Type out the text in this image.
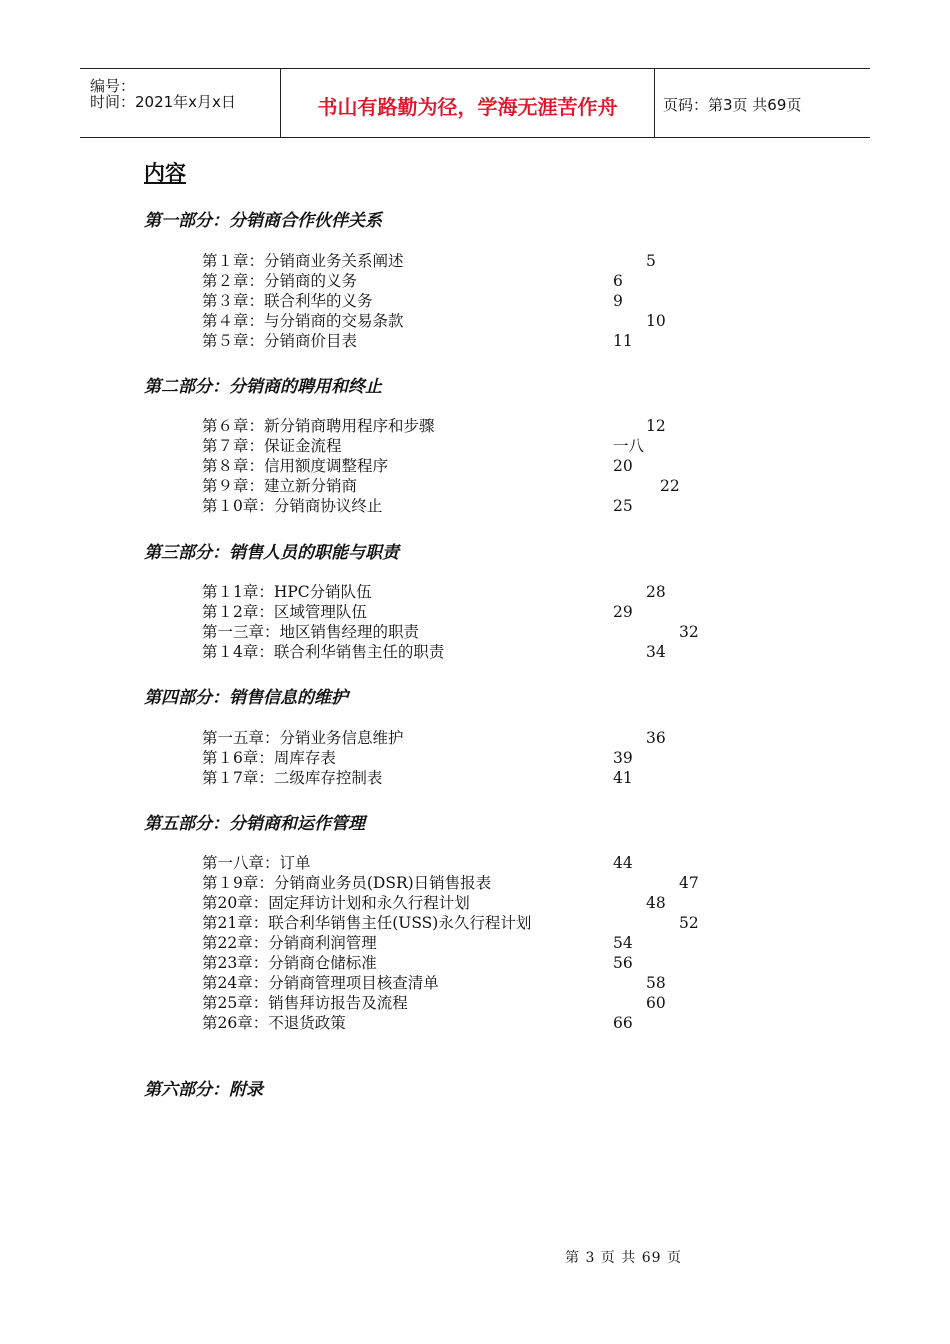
编号：
时间：2021年x月x日	书山有路勤为径，学海无涯苦作舟	页码：第3页 共69页
内容
第一部分：分销商合作伙伴关系
第１章：分销商业务关系阐述	5
第２章：分销商的义务	6
第３章：联合利华的义务	9
第４章：与分销商的交易条款	10
第５章：分销商价目表	11
第二部分：分销商的聘用和终止
第６章：新分销商聘用程序和步骤	12
第７章：保证金流程	一八
第８章：信用额度调整程序	20
第９章：建立新分销商	22
第１0章：分销商协议终止	25
第三部分：销售人员的职能与职责
第１1章：HPC分销队伍	28
第１2章：区域管理队伍	29
第一三章：地区销售经理的职责	32
第１4章：联合利华销售主任的职责	34
第四部分：销售信息的维护
第一五章：分销业务信息维护	36
第１6章：周库存表	39
第１7章：二级库存控制表	41
第五部分：分销商和运作管理
第一八章：订单	44
第１9章：分销商业务员(DSR)日销售报表	47
第20章：固定拜访计划和永久行程计划	48
第21章：联合利华销售主任(USS)永久行程计划	52
第22章：分销商利润管理	54
第23章：分销商仓储标准	56
第24章：分销商管理项目核查清单	58
第25章：销售拜访报告及流程	60
第26章：不退货政策	66
第六部分：附录
第 3 页 共 69 页
